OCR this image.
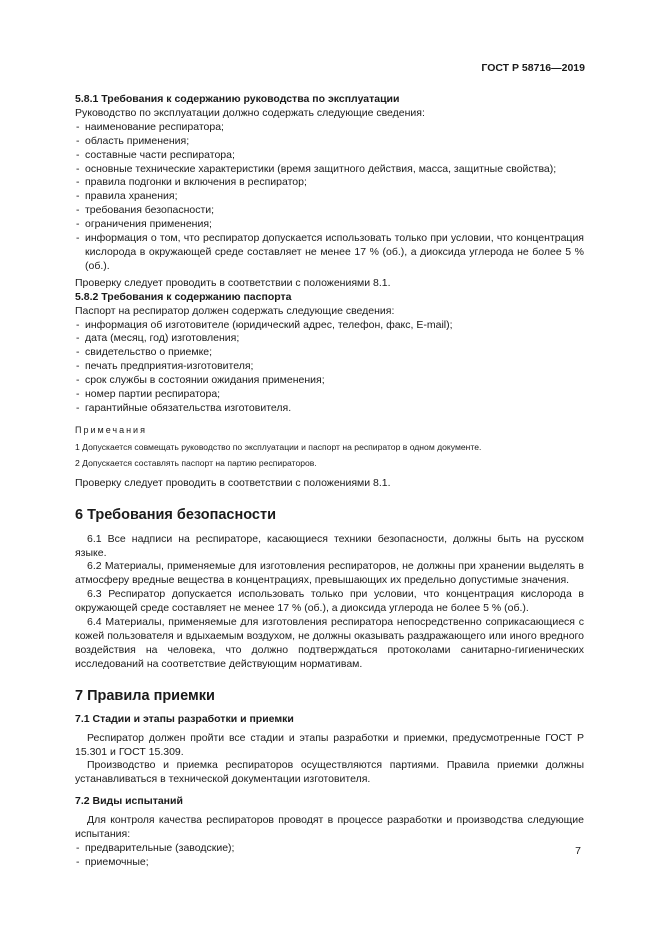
ГОСТ Р 58716—2019

5.8.1 Требования к содержанию руководства по эксплуатации

Руководство по эксплуатации должно содержать следующие сведения:

- наименование респиратора;
- область применения;
- составные части респиратора;
- основные технические характеристики (время защитного действия, масса, защитные свойства);
- правила подгонки и включения в респиратор;
- правила хранения;
- требования безопасности;
- ограничения применения;
- информация о том, что респиратор допускается использовать только при условии, что концентрация кислорода в окружающей среде составляет не менее 17 % (об.), а диоксида углерода не более 5 % (об.).

Проверку следует проводить в соответствии с положениями 8.1.

5.8.2 Требования к содержанию паспорта

Паспорт на респиратор должен содержать следующие сведения:

- информация об изготовителе (юридический адрес, телефон, факс, E-mail);
- дата (месяц, год) изготовления;
- свидетельство о приемке;
- печать предприятия-изготовителя;
- срок службы в состоянии ожидания применения;
- номер партии респиратора;
- гарантийные обязательства изготовителя.

Примечания

1 Допускается совмещать руководство по эксплуатации и паспорт на респиратор в одном документе.

2 Допускается составлять паспорт на партию респираторов.

Проверку следует проводить в соответствии с положениями 8.1.

6 Требования безопасности

6.1 Все надписи на респираторе, касающиеся техники безопасности, должны быть на русском языке.

6.2 Материалы, применяемые для изготовления респираторов, не должны при хранении выделять в атмосферу вредные вещества в концентрациях, превышающих их предельно допустимые значения.

6.3 Респиратор допускается использовать только при условии, что концентрация кислорода в окружающей среде составляет не менее 17 % (об.), а диоксида углерода не более 5 % (об.).

6.4 Материалы, применяемые для изготовления респиратора непосредственно соприкасающиеся с кожей пользователя и вдыхаемым воздухом, не должны оказывать раздражающего или иного вредного воздействия на человека, что должно подтверждаться протоколами санитарно-гигиенических исследований на соответствие действующим нормативам.

7 Правила приемки

7.1 Стадии и этапы разработки и приемки

Респиратор должен пройти все стадии и этапы разработки и приемки, предусмотренные ГОСТ Р 15.301 и ГОСТ 15.309.

Производство и приемка респираторов осуществляются партиями. Правила приемки должны устанавливаться в технической документации изготовителя.

7.2 Виды испытаний

Для контроля качества респираторов проводят в процессе разработки и производства следующие испытания:

- предварительные (заводские);
- приемочные;
7
